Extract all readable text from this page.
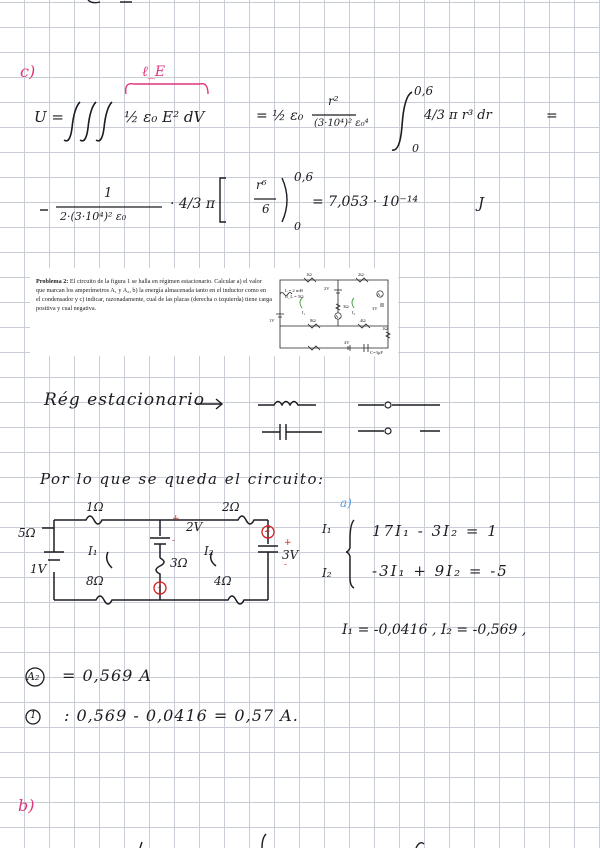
c)	ℓ_E
U =	½ ε₀ E² dV	= ½ ε₀
r²
(3·10⁴)² ε₀⁴
0,6
0
4/3 π r³ dr	=
1
2·(3·10⁴)² ε₀
· 4/3 π
r⁶
6
0,6
0
= 7,053 · 10⁻¹⁴	J
Problema 2: El circuito de la figura 1 se halla en régimen estacionario. Calcular a) el valor que marcan los amperímetros A₁ y A₂, b) la energía almacenada tanto en el inductor como en el condensador y c) indicar, razonadamente, cual de las placas (derecha o izquierda) tiene carga positiva y cual negativa.
1Ω	2Ω
L = 2 mH
R_L = 5Ω
2V
3Ω
I₁	I₂
3V
1V	8Ω	4Ω
1Ω
4V
C=3μF
A₁
A₂
Rég estacionario
Por lo que se queda el circuito:
5Ω
1Ω	2Ω
1V
2V
3Ω
3V
8Ω	4Ω
I₁	I₂
1
2
+
-	+
-
a)
I₁
I₂
17I₁ - 3I₂ = 1
-3I₁ + 9I₂ = -5
I₁ = -0,0416 , I₂ = -0,569 ,
A₂ = 0,569 A
1 : 0,569 - 0,0416 = 0,57 A.
b)
